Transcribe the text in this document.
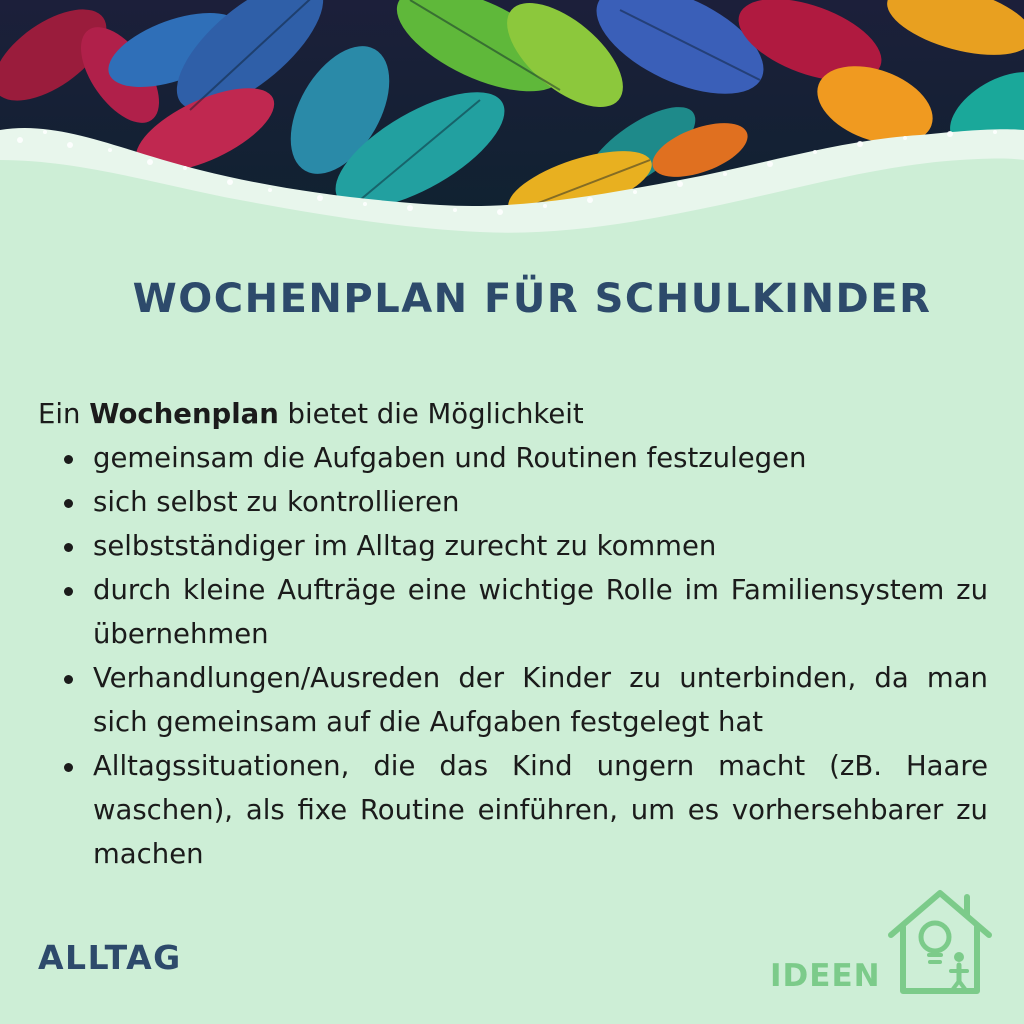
WOCHENPLAN FÜR SCHULKINDER

Ein Wochenplan bietet die Möglichkeit

gemeinsam die Aufgaben und Routinen festzulegen
sich selbst zu kontrollieren
selbstständiger im Alltag zurecht zu kommen
durch kleine Aufträge eine wichtige Rolle im Familiensystem zu übernehmen
Verhandlungen/Ausreden der Kinder zu unterbinden, da man sich gemeinsam auf die Aufgaben festgelegt hat
Alltagssituationen, die das Kind ungern macht (zB. Haare waschen), als fixe Routine einführen, um es vorhersehbarer zu machen
ALLTAG	IDEEN
